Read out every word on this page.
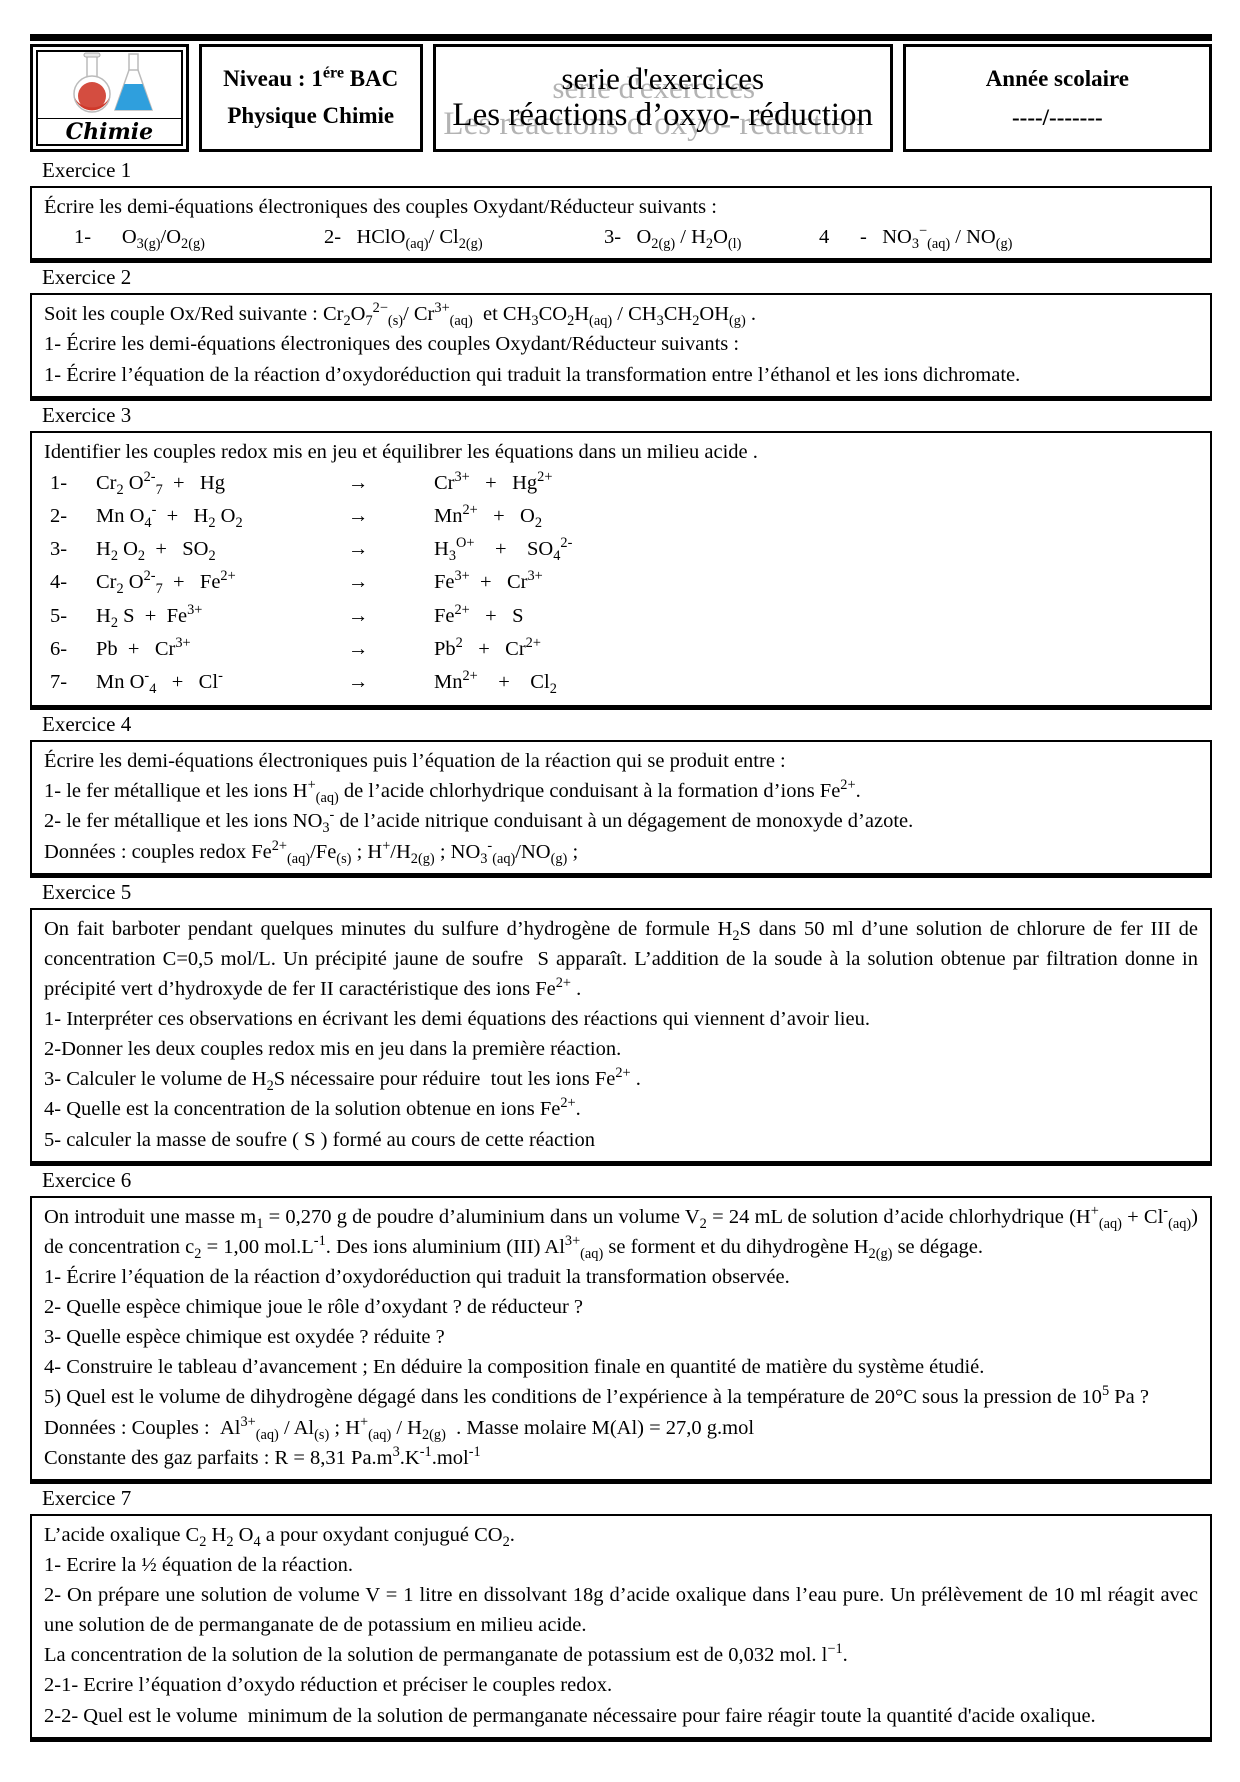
Chimie
Niveau : $1^{ére}$ BAC
Physique Chimie
serie d'exercices
Les réactions d’oxyo- réduction
Année scolaire
----/-------
Exercice 1
Écrire les demi-équations électroniques des couples Oxydant/Réducteur suivants :
1-      $O_{3(g)}/O_{2(g)}$	2-   HClO$_{(aq)}$/ $Cl_{2(g)}$	3-   $O_{2(g)} / H_2O_{(l)}$	4      -   $NO_3^-_{(aq)} / NO_{(g)}$
Exercice 2
Soit les couple Ox/Red suivante : $Cr_2O_7^{2-}_{(s)}/$ $Cr^{3+}_{(aq)}$  et $CH_3CO_2H_{(aq)} / CH_3CH_2OH_{(g)}$ .
1- Écrire les demi-équations électroniques des couples Oxydant/Réducteur suivants :
1- Écrire l’équation de la réaction d’oxydoréduction qui traduit la transformation entre l’éthanol et les ions dichromate.
Exercice 3
Identifier les couples redox mis en jeu et équilibrer les équations dans un milieu acide .
1-	$Cr_2$ $O^{2-}_7 + Hg$	→	$Cr^{3+} + Hg^{2+}$
2-	Mn $O_4^- + H_2$ $O_2$	→	$Mn^{2+} + O_2$
3-	$H_2$ $O_2 + SO_2$	→	$H_3^{O+}$    +    $SO_4^{2-}$
4-	$Cr_2$ $O^{2-}_7 + Fe^{2+}$	→	$Fe^{3+} + Cr^{3+}$
5-	$H_2$ $S + Fe^{3+}$	→	$Fe^{2+} + S$
6-	$Pb + Cr^{3+}$	→	$Pb^2 + Cr^{2+}$
7-	Mn $O^-_4 + Cl^-$	→	$Mn^{2+}$    +    $Cl_2$
Exercice 4
Écrire les demi-équations électroniques puis l’équation de la réaction qui se produit entre :
1- le fer métallique et les ions $H^+_{(aq)}$ de l’acide chlorhydrique conduisant à la formation d’ions $Fe^{2+}$.
2- le fer métallique et les ions $NO_3^-$ de l’acide nitrique conduisant à un dégagement de monoxyde d’azote.
Données : couples redox $Fe^{2+}_{(aq)}/Fe_{(s)}$ ; $H^+/H_{2(g)}$ ; $NO_3^-_{(aq)}/NO_{(g)}$ ;
Exercice 5
On fait barboter pendant quelques minutes du sulfure d’hydrogène de formule $H_2S$ dans 50 ml d’une solution de chlorure de fer III de concentration C=0,5 mol/L. Un précipité jaune de soufre  S apparaît. L’addition de la soude à la solution obtenue par filtration donne in précipité vert d’hydroxyde de fer II caractéristique des ions $Fe^{2+}$ .
1- Interpréter ces observations en écrivant les demi équations des réactions qui viennent d’avoir lieu.
2-Donner les deux couples redox mis en jeu dans la première réaction.
3- Calculer le volume de $H_2S$ nécessaire pour réduire  tout les ions $Fe^{2+}$ .
4- Quelle est la concentration de la solution obtenue en ions $Fe^{2+}$.
5- calculer la masse de soufre ( S ) formé au cours de cette réaction
Exercice 6
On introduit une masse $m_1 = 0,270$ g de poudre d’aluminium dans un volume $V_2 = 24$ mL de solution d’acide chlorhydrique $(H^+_{(aq)} + Cl^-_{(aq)})$ de concentration $c_2 = 1,00$ $mol.L^{-1}$. Des ions aluminium (III) $Al^{3+}_{(aq)}$ se forment et du dihydrogène $H_{2(g)}$ se dégage.
1- Écrire l’équation de la réaction d’oxydoréduction qui traduit la transformation observée.
2- Quelle espèce chimique joue le rôle d’oxydant ? de réducteur ?
3- Quelle espèce chimique est oxydée ? réduite ?
4- Construire le tableau d’avancement ; En déduire la composition finale en quantité de matière du système étudié.
5) Quel est le volume de dihydrogène dégagé dans les conditions de l’expérience à la température de 20°C sous la pression de $10^5$ Pa ?
Données : Couples :  $Al^{3+}_{(aq)} / Al_{(s)}$ ; $H^+_{(aq)} / H_{2(g)}$  . Masse molaire M(Al) = 27,0 g.mol
Constante des gaz parfaits : R = 8,31 $Pa.m^3.K^{-1}.mol^{-1}$
Exercice 7
L’acide oxalique $C_2$ $H_2$ $O_4$ a pour oxydant conjugué $CO_2$.
1- Ecrire la ½ équation de la réaction.
2- On prépare une solution de volume V = 1 litre en dissolvant 18g d’acide oxalique dans l’eau pure. Un prélèvement de 10 ml réagit avec une solution de de permanganate de de potassium en milieu acide.
La concentration de la solution de la solution de permanganate de potassium est de 0,032 mol. $l^{-1}$.
2-1- Ecrire l’équation d’oxydo réduction et préciser le couples redox.
2-2- Quel est le volume  minimum de la solution de permanganate nécessaire pour faire réagir toute la quantité d'acide oxalique.
